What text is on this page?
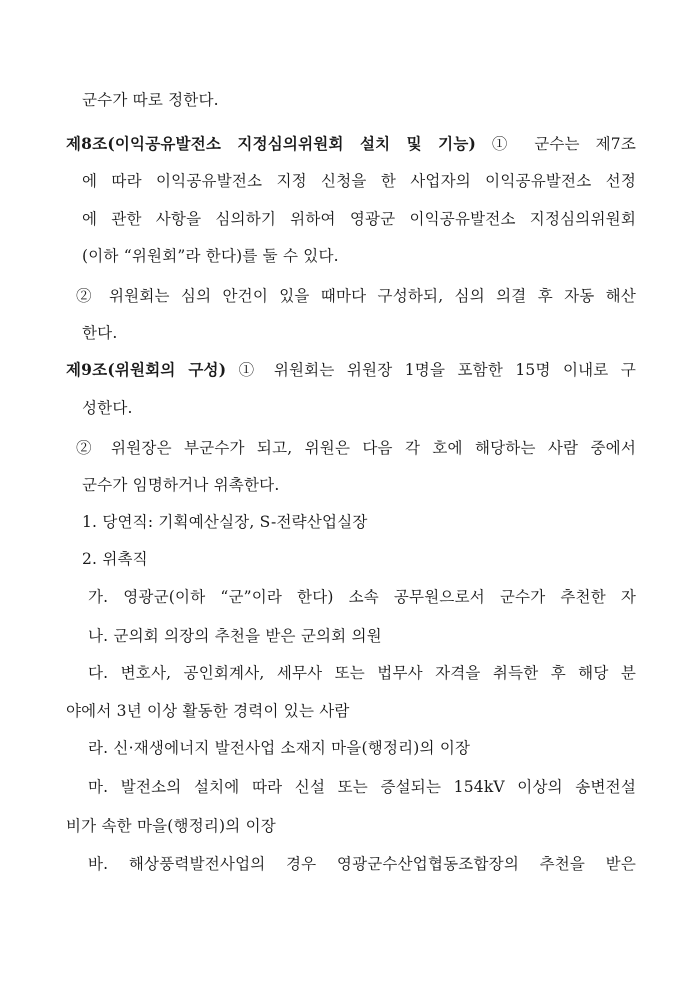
군수가 따로 정한다.
제8조(이익공유발전소 지정심의위원회 설치 및 기능) ① 군수는 제7조
에 따라 이익공유발전소 지정 신청을 한 사업자의 이익공유발전소 선정
에 관한 사항을 심의하기 위하여 영광군 이익공유발전소 지정심의위원회
(이하 “위원회”라 한다)를 둘 수 있다.
② 위원회는 심의 안건이 있을 때마다 구성하되, 심의 의결 후 자동 해산
한다.
제9조(위원회의 구성) ① 위원회는 위원장 1명을 포함한 15명 이내로 구
성한다.
② 위원장은 부군수가 되고, 위원은 다음 각 호에 해당하는 사람 중에서
군수가 임명하거나 위촉한다.
1. 당연직: 기획예산실장, S-전략산업실장
2. 위촉직
가. 영광군(이하 “군”이라 한다) 소속 공무원으로서 군수가 추천한 자
나. 군의회 의장의 추천을 받은 군의회 의원
다. 변호사, 공인회계사, 세무사 또는 법무사 자격을 취득한 후 해당 분
야에서 3년 이상 활동한 경력이 있는 사람
라. 신·재생에너지 발전사업 소재지 마을(행정리)의 이장
마. 발전소의 설치에 따라 신설 또는 증설되는 154kV 이상의 송변전설
비가 속한 마을(행정리)의 이장
바. 해상풍력발전사업의 경우 영광군수산업협동조합장의 추천을 받은
